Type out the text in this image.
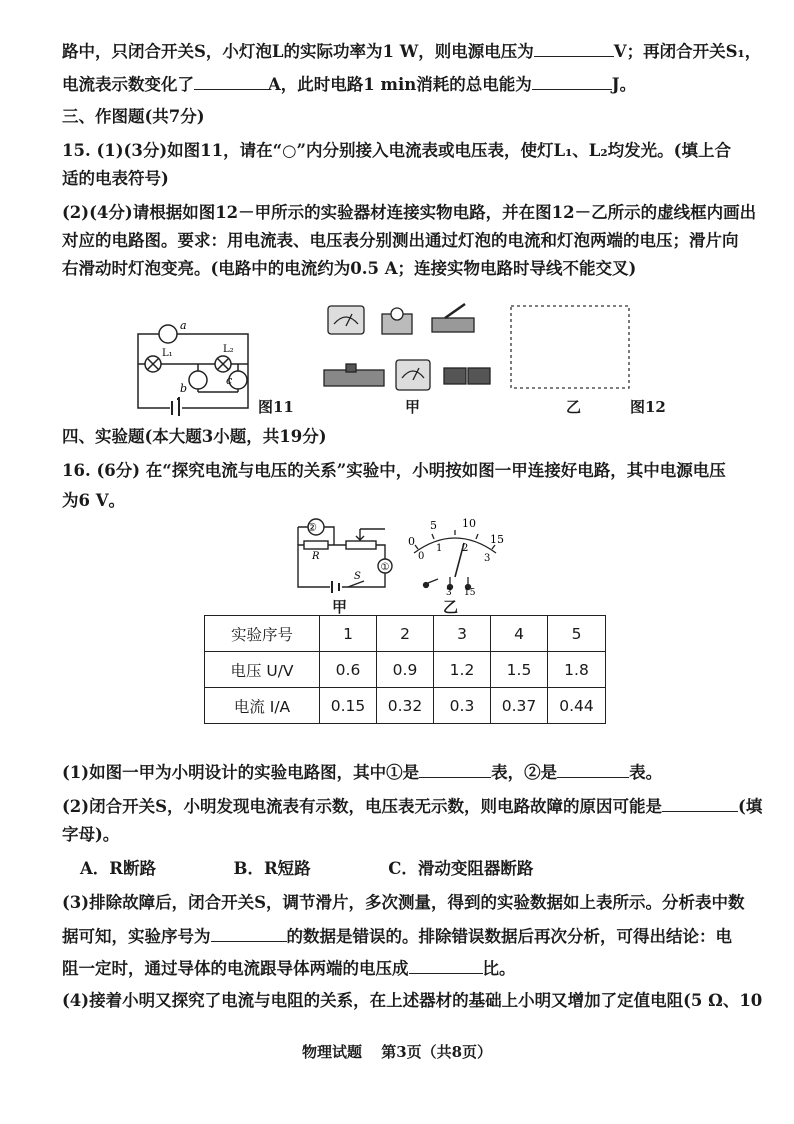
路中，只闭合开关S，小灯泡L的实际功率为1 W，则电源电压为	V；再闭合开关S₁，
电流表示数变化了	A，此时电路1 min消耗的总电能为	J。
三、作图题(共7分)
15. (1)(3分)如图11，请在“○”内分别接入电流表或电压表，使灯L₁、L₂均发光。(填上合
适的电表符号)
(2)(4分)请根据如图12－甲所示的实验器材连接实物电路，并在图12－乙所示的虚线框内画出
对应的电路图。要求：用电流表、电压表分别测出通过灯泡的电流和灯泡两端的电压；滑片向
右滑动时灯泡变亮。(电路中的电流约为0.5 A；连接实物电路时导线不能交叉)
a
b
c
L₁	L₂
图11	甲	乙	图12
四、实验题(本大题3小题，共19分)
16. (6分) 在“探究电流与电压的关系”实验中，小明按如图一甲连接好电路，其中电源电压
为6 V。
②
①
R
S
甲
0
5 10
15
0
1 2
3
3 15
乙
实验序号	1	2	3	4	5
电压 U/V	0.6	0.9	1.2	1.5	1.8
电流 I/A	0.15	0.32	0.3	0.37	0.44
(1)如图一甲为小明设计的实验电路图，其中①是	表，②是	表。
(2)闭合开关S，小明发现电流表有示数，电压表无示数，则电路故障的原因可能是	(填
字母)。
A．R断路	B．R短路	C．滑动变阻器断路
(3)排除故障后，闭合开关S，调节滑片，多次测量，得到的实验数据如上表所示。分析表中数
据可知，实验序号为	的数据是错误的。排除错误数据后再次分析，可得出结论：电
阻一定时，通过导体的电流跟导体两端的电压成	比。
(4)接着小明又探究了电流与电阻的关系，在上述器材的基础上小明又增加了定值电阻(5 Ω、10
物理试题 第3页（共8页）
